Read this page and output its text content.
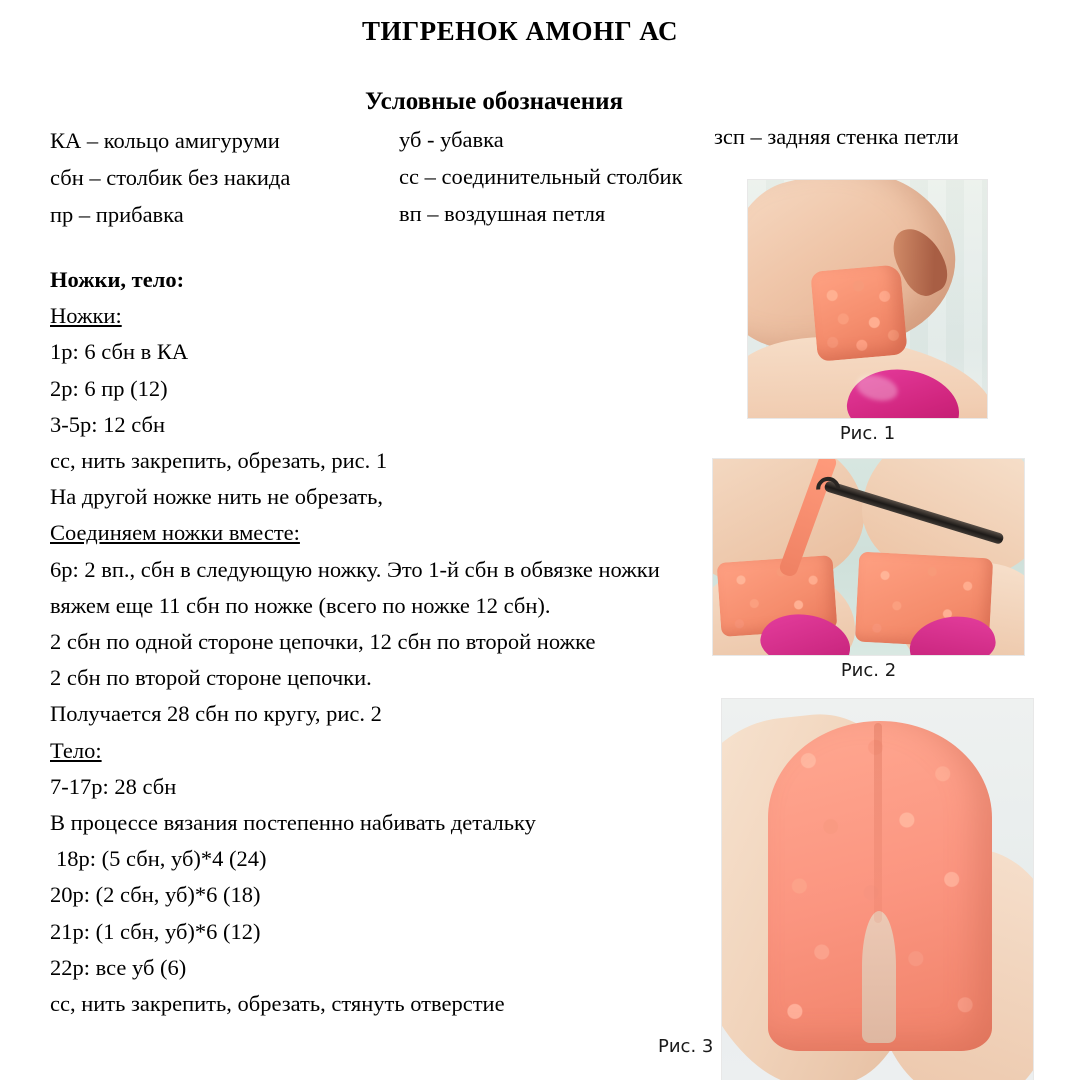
ТИГРЕНОК АМОНГ АС
Условные обозначения
КА – кольцо амигуруми
сбн – столбик без накида
пр – прибавка
уб - убавка
сс – соединительный столбик
вп – воздушная петля
зсп – задняя стенка петли
Ножки, тело:
Ножки:
1р: 6 сбн в КА
2р: 6 пр (12)
3-5р: 12 сбн
сс, нить закрепить, обрезать, рис. 1
На другой ножке нить не обрезать,
Соединяем ножки вместе:
6р: 2 вп., сбн в следующую ножку. Это 1-й сбн в обвязке ножки
вяжем еще 11 сбн по ножке (всего по ножке 12 сбн).
2 сбн по одной стороне цепочки, 12 сбн по второй ножке
2 сбн по второй стороне цепочки.
Получается 28 сбн по кругу, рис. 2
Тело:
7-17р: 28 сбн
В процессе вязания постепенно набивать детальку
18р: (5 сбн, уб)*4 (24)
20р: (2 сбн, уб)*6 (18)
21р: (1 сбн, уб)*6 (12)
22р: все уб (6)
сс, нить закрепить, обрезать, стянуть отверстие
Рис. 1
Рис. 2
Рис. 3
